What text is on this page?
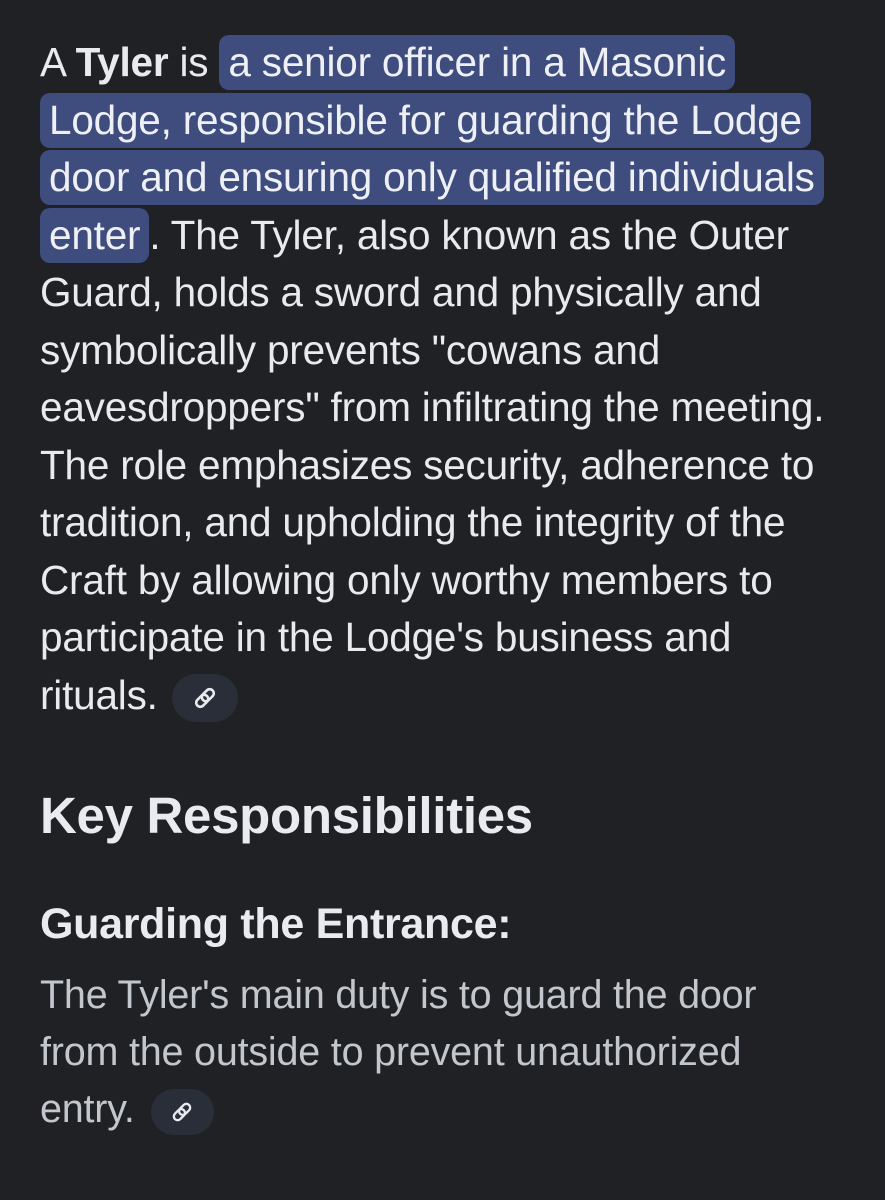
A Tyler is a senior officer in a Masonic Lodge, responsible for guarding the Lodge door and ensuring only qualified individuals enter . The Tyler, also known as the Outer Guard, holds a sword and physically and symbolically prevents "cowans and eavesdroppers" from infiltrating the meeting. The role emphasizes security, adherence to tradition, and upholding the integrity of the Craft by allowing only worthy members to participate in the Lodge's business and rituals.

Key Responsibilities
Guarding the Entrance:

The Tyler's main duty is to guard the door from the outside to prevent unauthorized entry.
